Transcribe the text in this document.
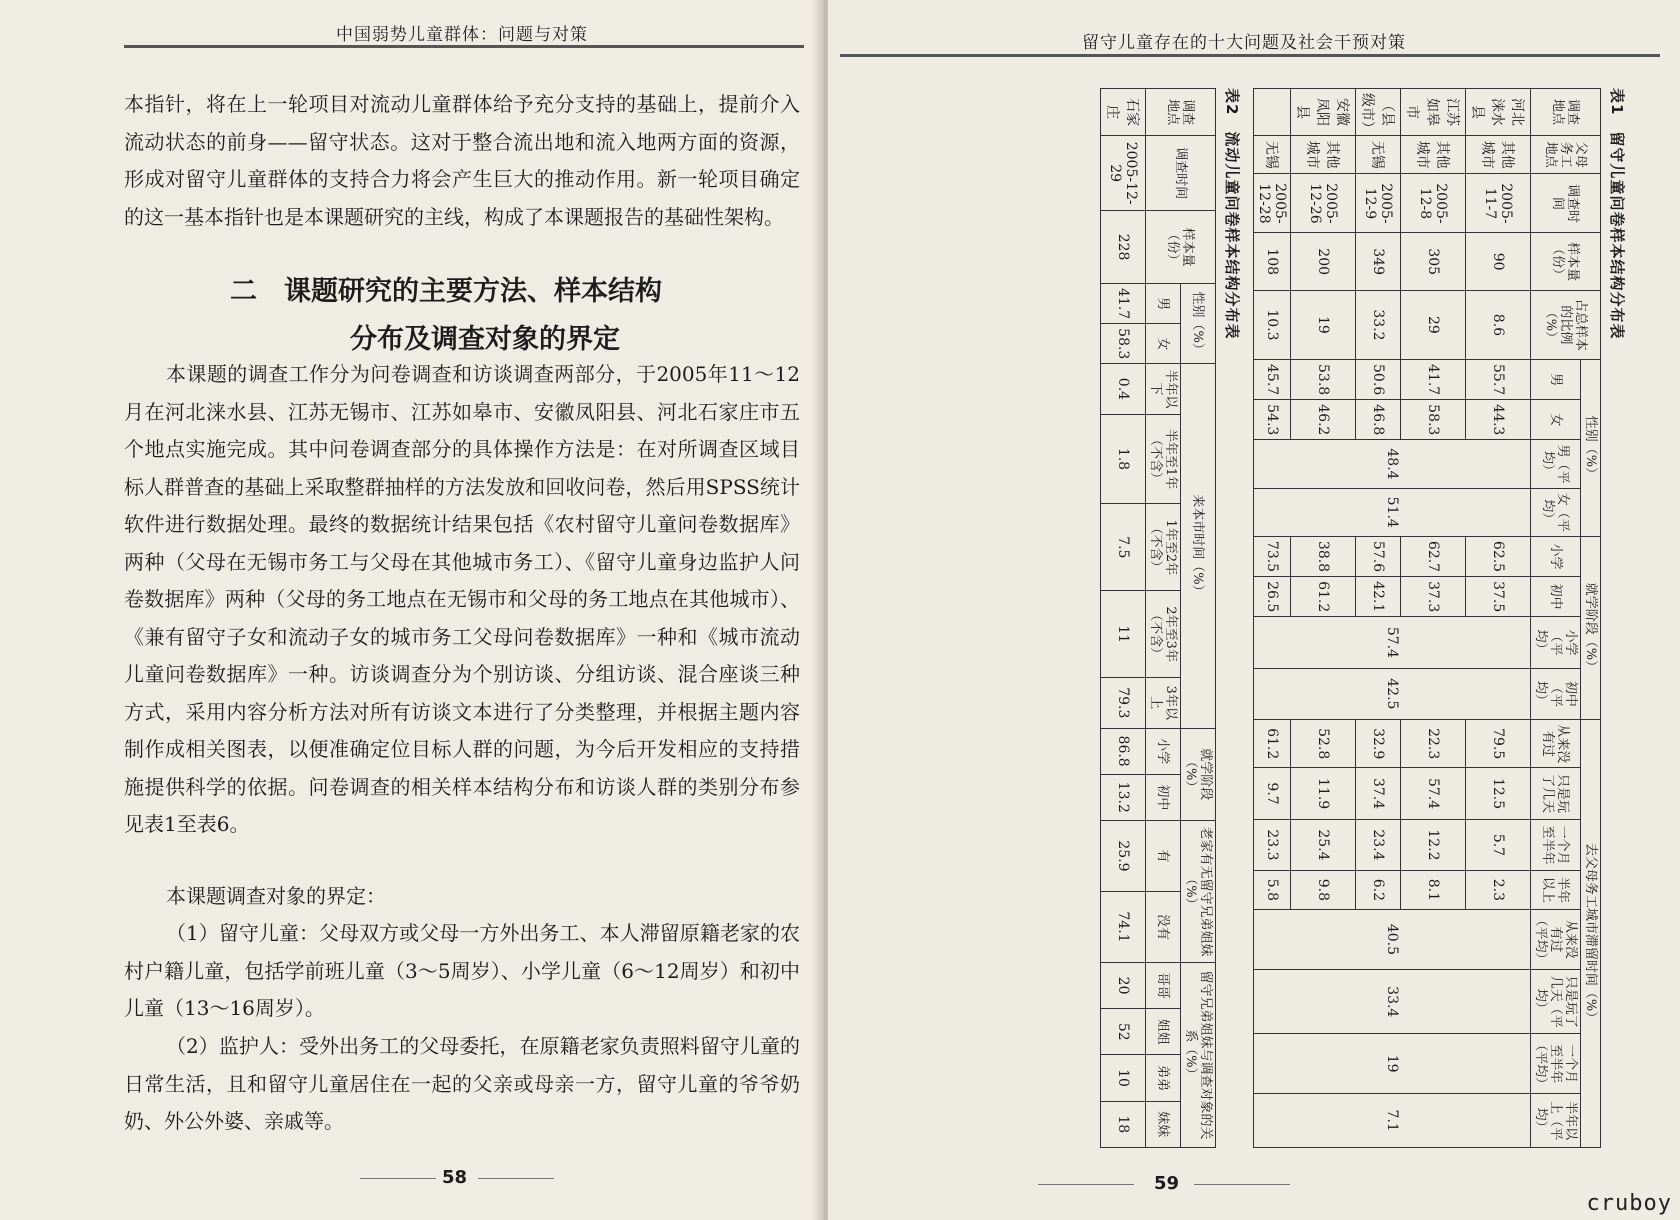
中国弱势儿童群体：问题与对策
本指针，将在上一轮项目对流动儿童群体给予充分支持的基础上，提前介入流动状态的前身——留守状态。这对于整合流出地和流入地两方面的资源，形成对留守儿童群体的支持合力将会产生巨大的推动作用。新一轮项目确定的这一基本指针也是本课题研究的主线，构成了本课题报告的基础性架构。
二　课题研究的主要方法、样本结构
分布及调查对象的界定
本课题的调查工作分为问卷调查和访谈调查两部分，于2005年11～12月在河北涞水县、江苏无锡市、江苏如皋市、安徽凤阳县、河北石家庄市五个地点实施完成。其中问卷调查部分的具体操作方法是：在对所调查区域目标人群普查的基础上采取整群抽样的方法发放和回收问卷，然后用SPSS统计软件进行数据处理。最终的数据统计结果包括《农村留守儿童问卷数据库》两种（父母在无锡市务工与父母在其他城市务工）、《留守儿童身边监护人问卷数据库》两种（父母的务工地点在无锡市和父母的务工地点在其他城市）、《兼有留守子女和流动子女的城市务工父母问卷数据库》一种和《城市流动儿童问卷数据库》一种。访谈调查分为个别访谈、分组访谈、混合座谈三种方式，采用内容分析方法对所有访谈文本进行了分类整理，并根据主题内容制作成相关图表，以便准确定位目标人群的问题，为今后开发相应的支持措施提供科学的依据。问卷调查的相关样本结构分布和访谈人群的类别分布参见表1至表6。
本课题调查对象的界定：
（1）留守儿童：父母双方或父母一方外出务工、本人滞留原籍老家的农村户籍儿童，包括学前班儿童（3～5周岁）、小学儿童（6～12周岁）和初中儿童（13～16周岁）。
（2）监护人：受外出务工的父母委托，在原籍老家负责照料留守儿童的日常生活，且和留守儿童居住在一起的父亲或母亲一方，留守儿童的爷爷奶奶、外公外婆、亲戚等。
58
留守儿童存在的十大问题及社会干预对策
表1　留守儿童问卷样本结构分布表
调查
地点	父母务工地点	调查时间	样本量（份）	占总样本的比例（%）	性别（%）				就学阶段（%）				去父母务工城市滞留时间（%）							
					男	女	男（平均）	女（平均）	小学	初中	小学（平均）	初中（平均）	从来没有过	只是玩了几天	一个月至半年	半年以上	从来没有过（平均）	只是玩了几天（平均）	一个月至半年（平均）	半年以上（平均）
河北涞水县	其他城市	2005-11-7	90	8.6	55.7	44.3	48.4	51.4	62.5	37.5	57.4	42.5	79.5	12.5	5.7	2.3	40.5	33.4	19	7.1
江苏如皋市	其他城市	2005-12-8	305	29	41.7	58.3			62.7	37.3			22.3	57.4	12.2	8.1				
（县级市）	无锡	2005-12-9	349	33.2	50.6	46.8			57.6	42.1			32.9	37.4	23.4	6.2				
安徽凤阳县	其他城市	2005-12-26	200	19	53.8	46.2			38.8	61.2			52.8	11.9	25.4	9.8				
	无锡	2005-12-28	108	10.3	45.7	54.3			73.5	26.5			61.2	9.7	23.3	5.8				
表2　流动儿童问卷样本结构分布表
调查地点	调查时间	样本量（份）	性别（%）		来本市时间（%）					就学阶段（%）		老家有无留守兄弟姐妹（%）		留守兄弟姐妹与调查对象的关系（%）			
			男	女	半年以下	半年至1年（不含）	1年至2年（不含）	2年至3年（不含）	3年以上	小学	初中	有	没有	哥哥	姐姐	弟弟	妹妹
石家庄	2005-12-29	228	41.7	58.3	0.4	1.8	7.5	11	79.3	86.8	13.2	25.9	74.1	20	52	10	18
59
cruboy
